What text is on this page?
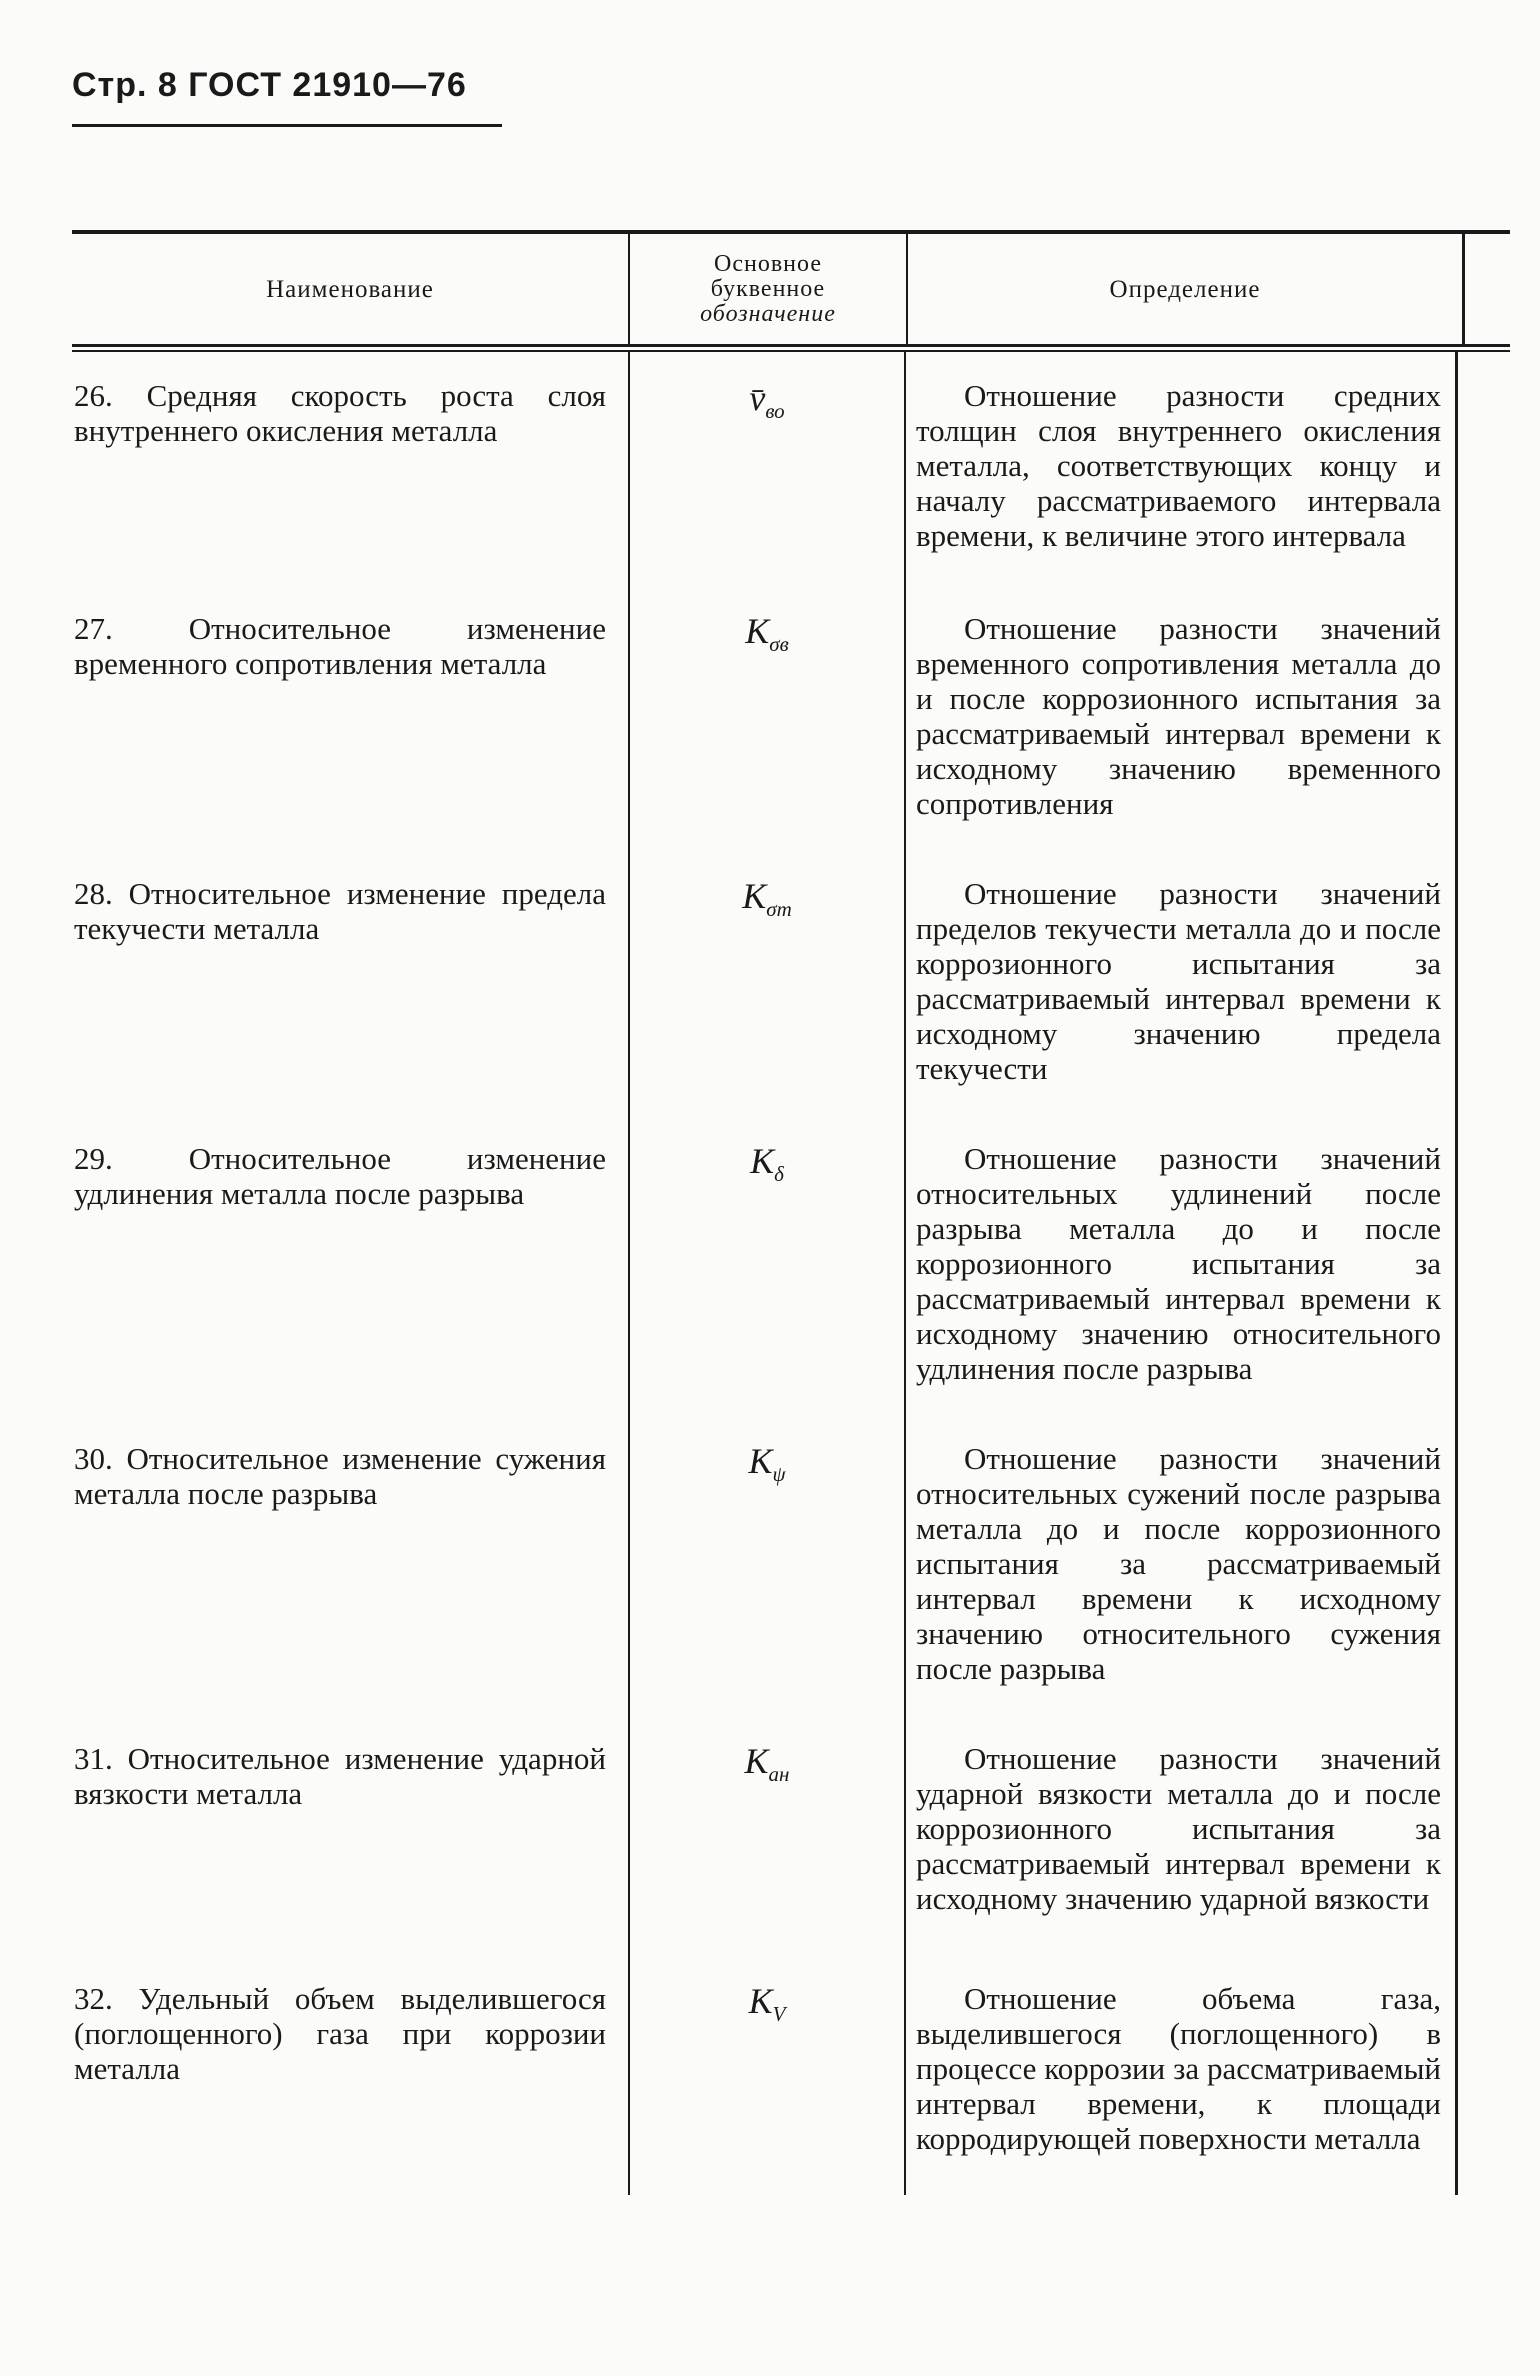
Стр. 8 ГОСТ 21910—76
Наименование
Основное
буквенное
обозначение
Определение
26. Средняя скорость роста слоя внутреннего окисления металла
27. Относительное изменение временного сопротивления металла
28. Относительное изменение предела текучести металла
29. Относительное изменение удлинения металла после разрыва
30. Относительное изменение сужения металла после разрыва
31. Относительное изменение ударной вязкости металла
32. Удельный объем выделившегося (поглощенного) газа при коррозии металла
$v̄_{во}$
$K_{\sigma в}$
$K_{\sigma т}$
$K_\delta$
$K_\psi$
$K_{aн}$
$K_V$
Отношение разности средних толщин слоя внутреннего окисления металла, соответствующих концу и началу рассматриваемого интервала времени, к величине этого интервала
Отношение разности значений временного сопротивления металла до и после коррозионного испытания за рассматриваемый интервал времени к исходному значению временного сопротивления
Отношение разности значений пределов текучести металла до и после коррозионного испытания за рассматриваемый интервал времени к исходному значению предела текучести
Отношение разности значений относительных удлинений после разрыва металла до и после коррозионного испытания за рассматриваемый интервал времени к исходному значению относительного удлинения после разрыва
Отношение разности значений относительных сужений после разрыва металла до и после коррозионного испытания за рассматриваемый интервал времени к исходному значению относительного сужения после разрыва
Отношение разности значений ударной вязкости металла до и после коррозионного испытания за рассматриваемый интервал времени к исходному значению ударной вязкости
Отношение объема газа, выделившегося (поглощенного) в процессе коррозии за рассматриваемый интервал времени, к площади корродирующей поверхности металла
